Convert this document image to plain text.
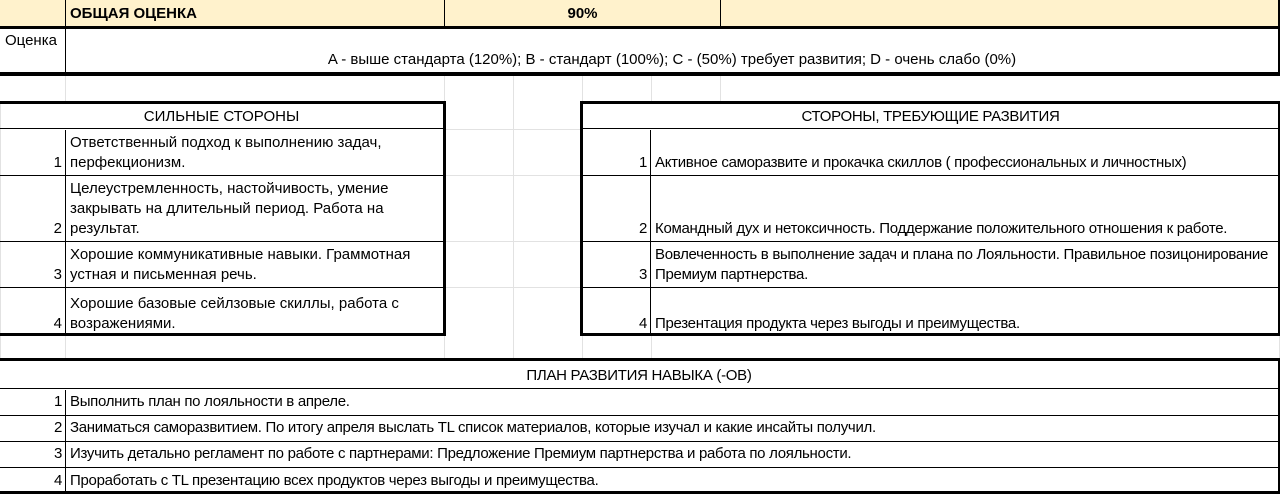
ОБЩАЯ ОЦЕНКА	90%
Оценка
A - выше стандарта (120%); B - стандарт (100%); C - (50%) требует развития; D - очень слабо (0%)
СИЛЬНЫЕ СТОРОНЫ
1
Ответственный подход к выполнению задач, перфекционизм.
2
Целеустремленность, настойчивость, умение закрывать на длительный период. Работа на результат.
3
Хорошие коммуникативные навыки. Граммотная устная и письменная речь.
4
Хорошие базовые сейлзовые скиллы, работа с возражениями.
СТОРОНЫ, ТРЕБУЮЩИЕ РАЗВИТИЯ
1 Активное саморазвите и прокачка скиллов ( профессиональных и личностных)
2 Командный дух и нетоксичность. Поддержание положительного отношения к работе.
3
Вовлеченность в выполнение задач и плана по Лояльности. Правильное позицонирование Премиум партнерства.
4 Презентация продукта через выгоды и преимущества.
ПЛАН РАЗВИТИЯ НАВЫКА (-ОВ)
1 Выполнить план по лояльности в апреле.
2 Заниматься саморазвитием. По итогу апреля выслать TL список материалов, которые изучал и какие инсайты получил.
3 Изучить детально регламент по работе с партнерами: Предложение Премиум партнерства и работа по лояльности.
4 Проработать с TL презентацию всех продуктов через выгоды и преимущества.
